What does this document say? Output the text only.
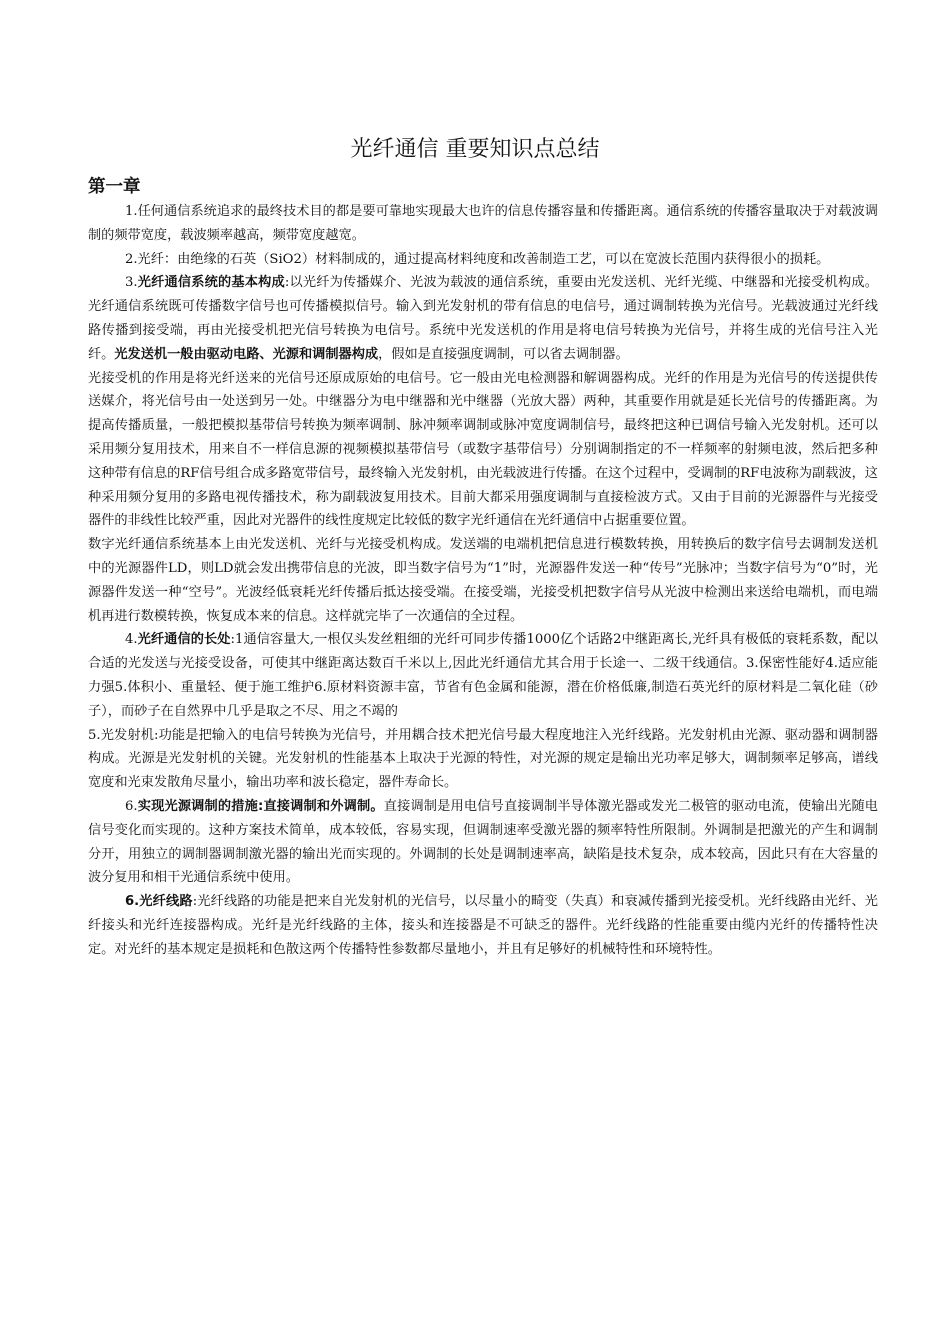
光纤通信 重要知识点总结
第一章

1.任何通信系统追求的最终技术目的都是要可靠地实现最大也许的信息传播容量和传播距离。通信系统的传播容量取决于对载波调制的频带宽度，载波频率越高，频带宽度越宽。

2.光纤：由绝缘的石英（SiO2）材料制成的，通过提高材料纯度和改善制造工艺，可以在宽波长范围内获得很小的损耗。

3.光纤通信系统的基本构成:以光纤为传播媒介、光波为载波的通信系统，重要由光发送机、光纤光缆、中继器和光接受机构成。光纤通信系统既可传播数字信号也可传播模拟信号。输入到光发射机的带有信息的电信号，通过调制转换为光信号。光载波通过光纤线路传播到接受端，再由光接受机把光信号转换为电信号。系统中光发送机的作用是将电信号转换为光信号，并将生成的光信号注入光纤。光发送机一般由驱动电路、光源和调制器构成，假如是直接强度调制，可以省去调制器。

光接受机的作用是将光纤送来的光信号还原成原始的电信号。它一般由光电检测器和解调器构成。光纤的作用是为光信号的传送提供传送媒介，将光信号由一处送到另一处。中继器分为电中继器和光中继器（光放大器）两种，其重要作用就是延长光信号的传播距离。为提高传播质量，一般把模拟基带信号转换为频率调制、脉冲频率调制或脉冲宽度调制信号，最终把这种已调信号输入光发射机。还可以采用频分复用技术，用来自不一样信息源的视频模拟基带信号（或数字基带信号）分别调制指定的不一样频率的射频电波，然后把多种这种带有信息的RF信号组合成多路宽带信号，最终输入光发射机，由光载波进行传播。在这个过程中，受调制的RF电波称为副载波，这种采用频分复用的多路电视传播技术，称为副载波复用技术。目前大都采用强度调制与直接检波方式。又由于目前的光源器件与光接受器件的非线性比较严重，因此对光器件的线性度规定比较低的数字光纤通信在光纤通信中占据重要位置。

数字光纤通信系统基本上由光发送机、光纤与光接受机构成。发送端的电端机把信息进行模数转换，用转换后的数字信号去调制发送机中的光源器件LD，则LD就会发出携带信息的光波，即当数字信号为“1”时，光源器件发送一种“传号”光脉冲；当数字信号为“0”时，光源器件发送一种“空号”。光波经低衰耗光纤传播后抵达接受端。在接受端，光接受机把数字信号从光波中检测出来送给电端机，而电端机再进行数模转换，恢复成本来的信息。这样就完毕了一次通信的全过程。

4.光纤通信的长处:1通信容量大,一根仅头发丝粗细的光纤可同步传播1000亿个话路2中继距离长,光纤具有极低的衰耗系数，配以合适的光发送与光接受设备，可使其中继距离达数百千米以上,因此光纤通信尤其合用于长途一、二级干线通信。3.保密性能好4.适应能力强5.体积小、重量轻、便于施工维护6.原材料资源丰富，节省有色金属和能源，潜在价格低廉,制造石英光纤的原材料是二氧化硅（砂子），而砂子在自然界中几乎是取之不尽、用之不竭的

5.光发射机:功能是把输入的电信号转换为光信号，并用耦合技术把光信号最大程度地注入光纤线路。光发射机由光源、驱动器和调制器构成。光源是光发射机的关键。光发射机的性能基本上取决于光源的特性，对光源的规定是输出光功率足够大，调制频率足够高，谱线宽度和光束发散角尽量小，输出功率和波长稳定，器件寿命长。

6.实现光源调制的措施:直接调制和外调制。直接调制是用电信号直接调制半导体激光器或发光二极管的驱动电流，使输出光随电信号变化而实现的。这种方案技术简单，成本较低，容易实现，但调制速率受激光器的频率特性所限制。外调制是把激光的产生和调制分开，用独立的调制器调制激光器的输出光而实现的。外调制的长处是调制速率高，缺陷是技术复杂，成本较高，因此只有在大容量的波分复用和相干光通信系统中使用。

6.光纤线路:光纤线路的功能是把来自光发射机的光信号，以尽量小的畸变（失真）和衰减传播到光接受机。光纤线路由光纤、光纤接头和光纤连接器构成。光纤是光纤线路的主体，接头和连接器是不可缺乏的器件。光纤线路的性能重要由缆内光纤的传播特性决定。对光纤的基本规定是损耗和色散这两个传播特性参数都尽量地小，并且有足够好的机械特性和环境特性。
